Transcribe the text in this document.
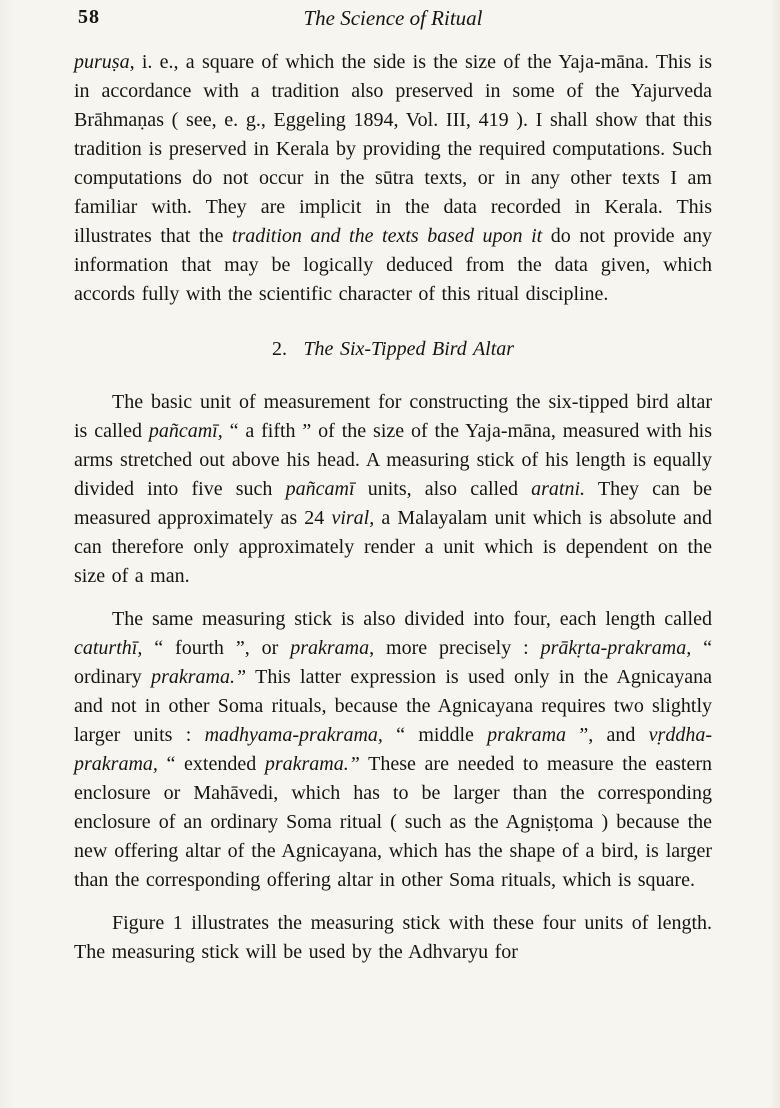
58	The Science of Ritual

puruṣa, i. e., a square of which the side is the size of the Yaja-māna. This is in accordance with a tradition also preserved in some of the Yajurveda Brāhmaṇas ( see, e. g., Eggeling 1894, Vol. III, 419 ). I shall show that this tradition is preserved in Kerala by providing the required computations. Such computations do not occur in the sūtra texts, or in any other texts I am familiar with. They are implicit in the data recorded in Kerala. This illustrates that the tradition and the texts based upon it do not provide any information that may be logically deduced from the data given, which accords fully with the scientific character of this ritual discipline.

2. The Six-Tipped Bird Altar

The basic unit of measurement for constructing the six-tipped bird altar is called pañcamī, “ a fifth ” of the size of the Yaja-māna, measured with his arms stretched out above his head. A measuring stick of his length is equally divided into five such pañcamī units, also called aratni. They can be measured approximately as 24 viral, a Malayalam unit which is absolute and can therefore only approximately render a unit which is dependent on the size of a man.

The same measuring stick is also divided into four, each length called caturthī, “ fourth ”, or prakrama, more precisely : prākṛta-prakrama, “ ordinary prakrama.” This latter expression is used only in the Agnicayana and not in other Soma rituals, because the Agnicayana requires two slightly larger units : madhyama-prakrama, “ middle prakrama ”, and vṛddha-prakrama, “ extended prakrama.” These are needed to measure the eastern enclosure or Mahāvedi, which has to be larger than the corresponding enclosure of an ordinary Soma ritual ( such as the Agniṣṭoma ) because the new offering altar of the Agnicayana, which has the shape of a bird, is larger than the corresponding offering altar in other Soma rituals, which is square.

Figure 1 illustrates the measuring stick with these four units of length. The measuring stick will be used by the Adhvaryu for
